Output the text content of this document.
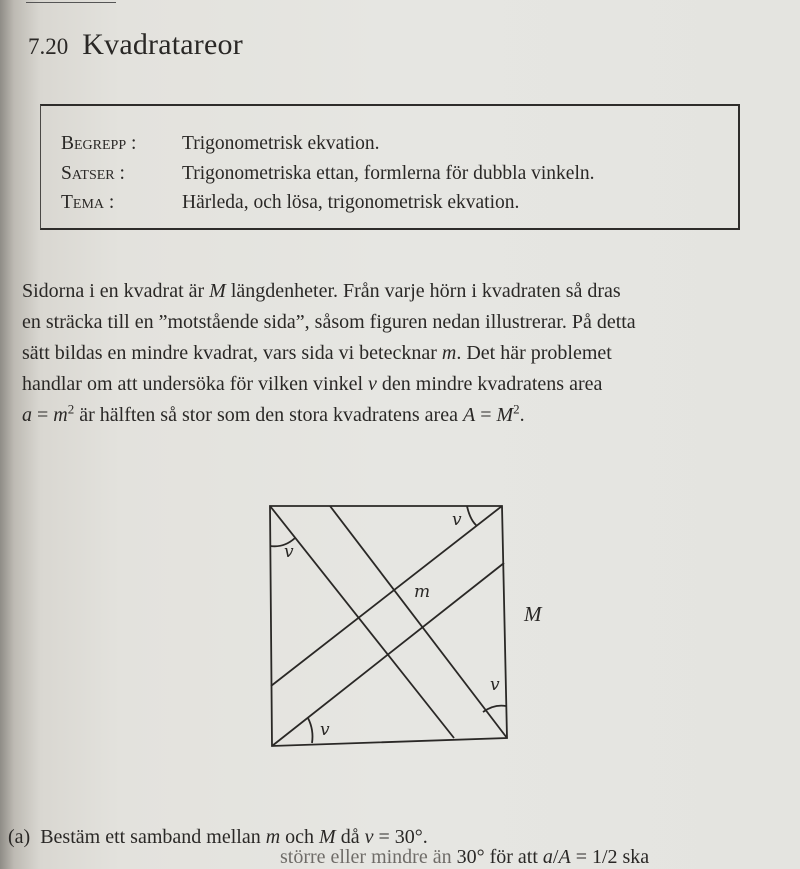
7.20 Kvadratareor
Begrepp :	Trigonometrisk ekvation.
Satser :	Trigonometriska ettan, formlerna för dubbla vinkeln.
Tema :	Härleda, och lösa, trigonometrisk ekvation.
Sidorna i en kvadrat är M längdenheter. Från varje hörn i kvadraten så dras
en sträcka till en ”motstående sida”, såsom figuren nedan illustrerar. På detta
sätt bildas en mindre kvadrat, vars sida vi betecknar m. Det här problemet
handlar om att undersöka för vilken vinkel v den mindre kvadratens area
$a = m^2$ är hälften så stor som den stora kvadratens area $A = M^2$.
v
v
v
v
m
M
(a) Bestäm ett samband mellan m och M då v = 30°.
större eller mindre än 30° för att a/A = 1/2 ska
